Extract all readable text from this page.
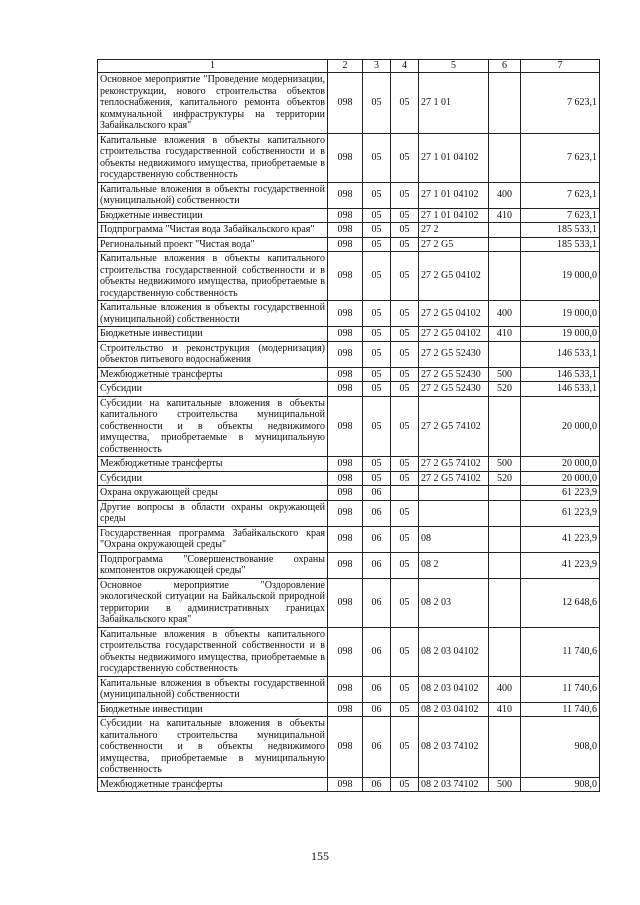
1	2	3	4	5	6	7
Основное мероприятие "Проведение модернизации, реконструкции, нового строительства объектов теплоснабжения, капитального ремонта объектов коммунальной инфраструктуры на территории Забайкальского края"	098	05	05	27 1 01		7 623,1
Капитальные вложения в объекты капитального строительства государственной собственности и в объекты недвижимого имущества, приобретаемые в государственную собственность	098	05	05	27 1 01 04102		7 623,1
Капитальные вложения в объекты государственной (муниципальной) собственности	098	05	05	27 1 01 04102	400	7 623,1
Бюджетные инвестиции	098	05	05	27 1 01 04102	410	7 623,1
Подпрограмма "Чистая вода Забайкальского края"	098	05	05	27 2		185 533,1
Региональный проект "Чистая вода"	098	05	05	27 2 G5		185 533,1
Капитальные вложения в объекты капитального строительства государственной собственности и в объекты недвижимого имущества, приобретаемые в государственную собственность	098	05	05	27 2 G5 04102		19 000,0
Капитальные вложения в объекты государственной (муниципальной) собственности	098	05	05	27 2 G5 04102	400	19 000,0
Бюджетные инвестиции	098	05	05	27 2 G5 04102	410	19 000,0
Строительство и реконструкция (модернизация) объектов питьевого водоснабжения	098	05	05	27 2 G5 52430		146 533,1
Межбюджетные трансферты	098	05	05	27 2 G5 52430	500	146 533,1
Субсидии	098	05	05	27 2 G5 52430	520	146 533,1
Субсидии на капитальные вложения в объекты капитального строительства муниципальной собственности и в объекты недвижимого имущества, приобретаемые в муниципальную собственность	098	05	05	27 2 G5 74102		20 000,0
Межбюджетные трансферты	098	05	05	27 2 G5 74102	500	20 000,0
Субсидии	098	05	05	27 2 G5 74102	520	20 000,0
Охрана окружающей среды	098	06				61 223,9
Другие вопросы в области охраны окружающей среды	098	06	05			61 223,9
Государственная программа Забайкальского края "Охрана окружающей среды"	098	06	05	08		41 223,9
Подпрограмма "Совершенствование охраны компонентов окружающей среды"	098	06	05	08 2		41 223,9
Основное мероприятие "Оздоровление экологической ситуации на Байкальской природной территории в административных границах Забайкальского края"	098	06	05	08 2 03		12 648,6
Капитальные вложения в объекты капитального строительства государственной собственности и в объекты недвижимого имущества, приобретаемые в государственную собственность	098	06	05	08 2 03 04102		11 740,6
Капитальные вложения в объекты государственной (муниципальной) собственности	098	06	05	08 2 03 04102	400	11 740,6
Бюджетные инвестиции	098	06	05	08 2 03 04102	410	11 740,6
Субсидии на капитальные вложения в объекты капитального строительства муниципальной собственности и в объекты недвижимого имущества, приобретаемые в муниципальную собственность	098	06	05	08 2 03 74102		908,0
Межбюджетные трансферты	098	06	05	08 2 03 74102	500	908,0
155
